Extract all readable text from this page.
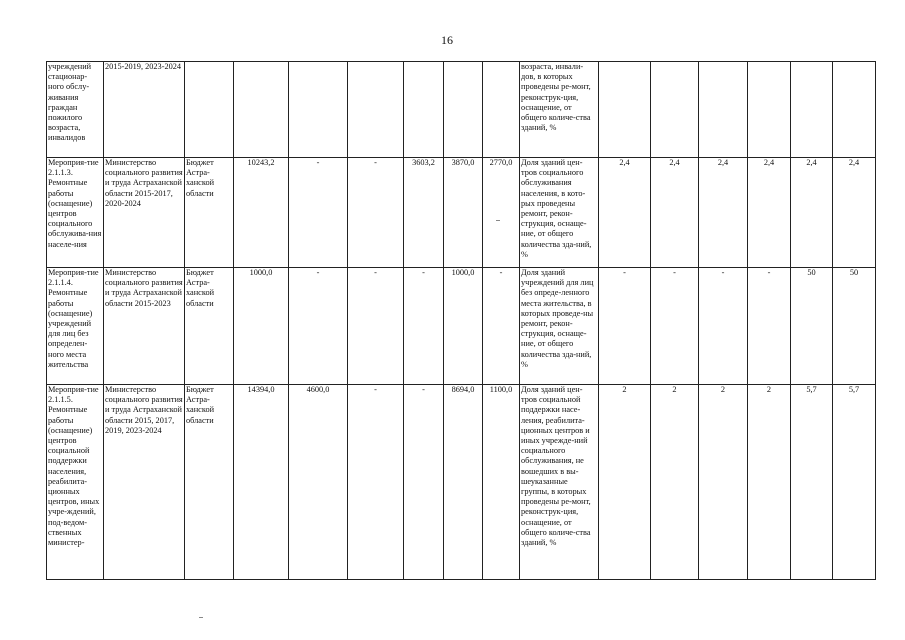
16
учреждений стационар-ного обслу-живания граждан пожилого возраста, инвалидов	2015-2019, 2023-2024								возраста, инвали-дов, в которых проведены ре-монт, реконструк-ция, оснащение, от общего количе-ства зданий, %						
Мероприя-тие 2.1.1.3. Ремонтные работы (оснащение) центров социального обслужива-ния населе-ния	Министерство социального развития и труда Астраханской области 2015-2017, 2020-2024	Бюджет Астра-ханской области	10243,2	-	-	3603,2	3870,0	2770,0	Доля зданий цен-тров социального обслуживания населения, в кото-рых проведены ремонт, рекон-струкция, оснаще-ние, от общего количества зда-ний, %	2,4	2,4	2,4	2,4	2,4	2,4
Мероприя-тие 2.1.1.4. Ремонтные работы (оснащение) учреждений для лиц без определен-ного места жительства	Министерство социального развития и труда Астраханской области 2015-2023	Бюджет Астра-ханской области	1000,0	-	-	-	1000,0	-	Доля зданий учреждений для лиц без опреде-ленного места жительства, в которых проведе-ны ремонт, рекон-струкция, оснаще-ние, от общего количества зда-ний, %	-	-	-	-	50	50
Мероприя-тие 2.1.1.5. Ремонтные работы (оснащение) центров социальной поддержки населения, реабилита-ционных центров, иных учре-ждений, под-ведом-ственных министер-	Министерство социального развития и труда Астраханской области 2015, 2017, 2019, 2023-2024	Бюджет Астра-ханской области	14394,0	4600,0	-	-	8694,0	1100,0	Доля зданий цен-тров социальной поддержки насе-ления, реабилита-ционных центров и иных учрежде-ний социального обслуживания, не вошедших в вы-шеуказанные группы, в которых проведены ре-монт, реконструк-ция, оснащение, от общего количе-ства зданий, %	2	2	2	2	5,7	5,7
